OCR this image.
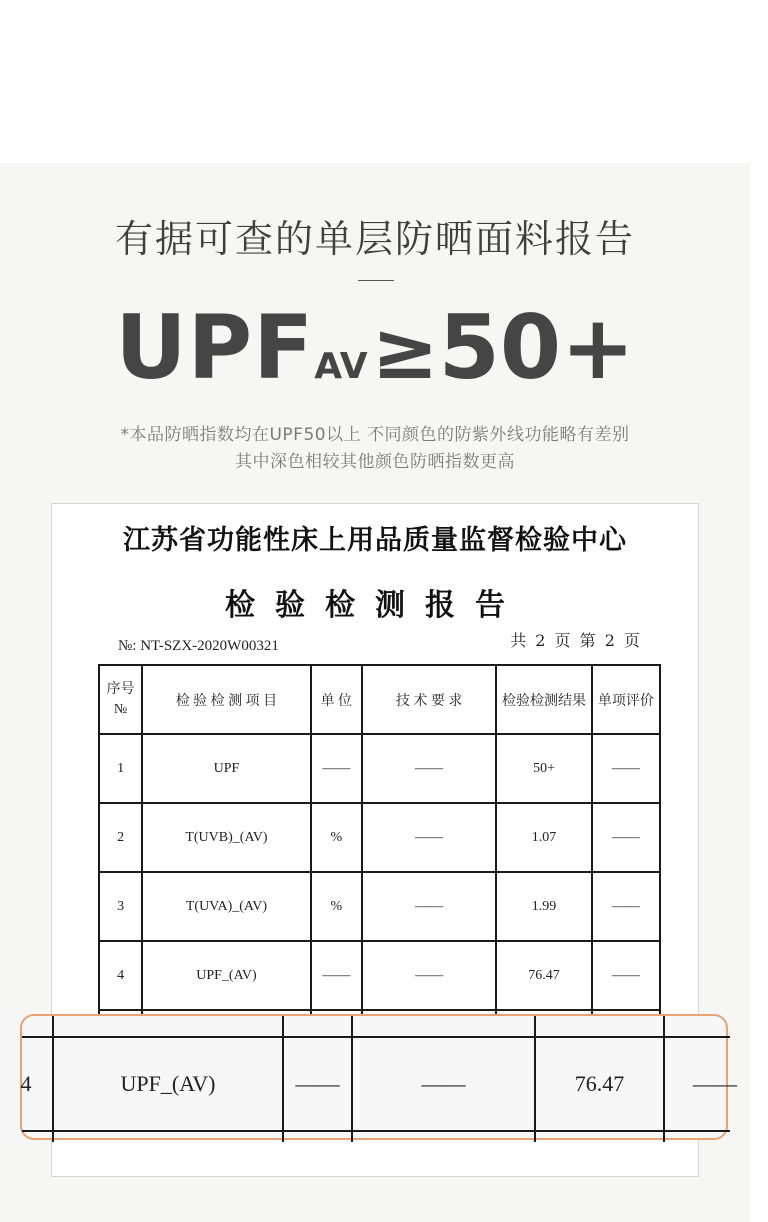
有据可查的单层防晒面料报告
UPFAV≥50+
*本品防晒指数均在UPF50以上 不同颜色的防紫外线功能略有差别
其中深色相较其他颜色防晒指数更高
江苏省功能性床上用品质量监督检验中心
检验检测报告
№: NT-SZX-2020W00321	共 2 页 第 2 页
序号
№	检 验 检 测 项 目	单 位	技 术 要 求	检验检测结果	单项评价
1	UPF	——	——	50+	——
2	T(UVB)_(AV)	%	——	1.07	——
3	T(UVA)_(AV)	%	——	1.99	——
4	UPF_(AV)	——	——	76.47	——

4	UPF_(AV)	——	——	76.47	——
